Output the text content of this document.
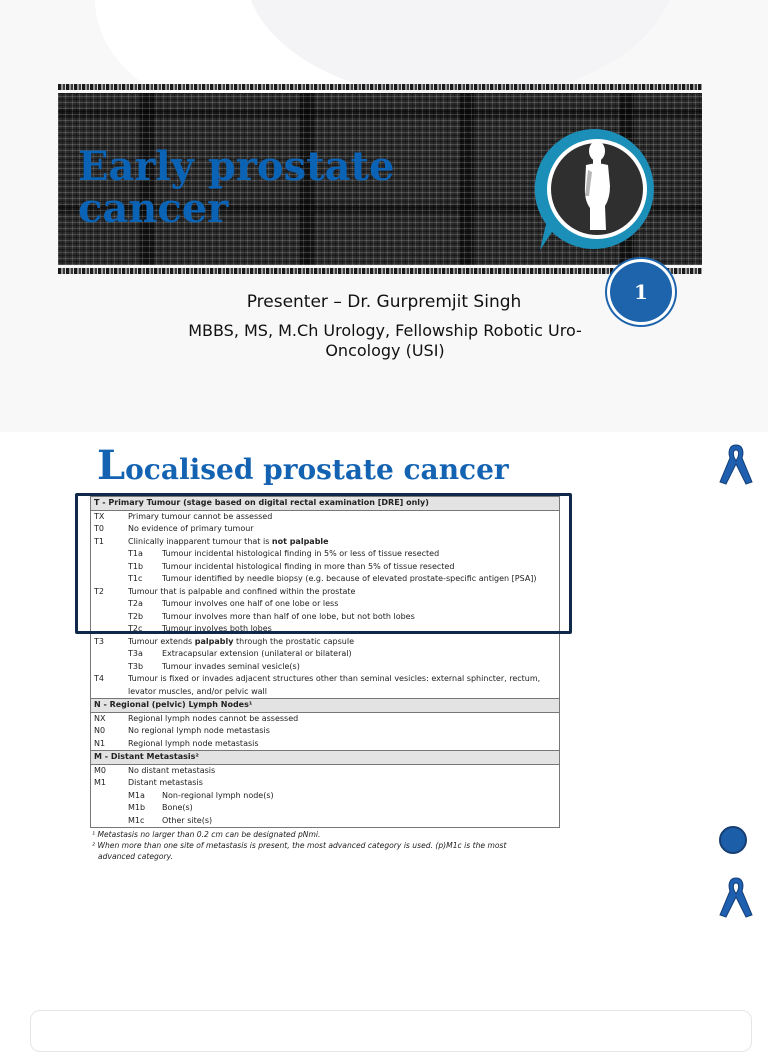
Early prostate cancer
1

Presenter – Dr. Gurpremjit Singh

MBBS, MS, M.Ch Urology, Fellowship Robotic Uro-Oncology (USI)

Localised prostate cancer
T - Primary Tumour (stage based on digital rectal examination [DRE] only)		
TX	Primary tumour cannot be assessed	
T0	No evidence of primary tumour	
T1	Clinically inapparent tumour that is not palpable	
	T1a	Tumour incidental histological finding in 5% or less of tissue resected
	T1b	Tumour incidental histological finding in more than 5% of tissue resected
	T1c	Tumour identified by needle biopsy (e.g. because of elevated prostate-specific antigen [PSA])
T2	Tumour that is palpable and confined within the prostate	
	T2a	Tumour involves one half of one lobe or less
	T2b	Tumour involves more than half of one lobe, but not both lobes
	T2c	Tumour involves both lobes
T3	Tumour extends palpably through the prostatic capsule	
	T3a	Extracapsular extension (unilateral or bilateral)
	T3b	Tumour invades seminal vesicle(s)
T4	Tumour is fixed or invades adjacent structures other than seminal vesicles: external sphincter, rectum,	
	levator muscles, and/or pelvic wall	
N - Regional (pelvic) Lymph Nodes¹		
NX	Regional lymph nodes cannot be assessed	
N0	No regional lymph node metastasis	
N1	Regional lymph node metastasis	
M - Distant Metastasis²		
M0	No distant metastasis	
M1	Distant metastasis	
	M1a	Non-regional lymph node(s)
	M1b	Bone(s)
	M1c	Other site(s)

¹ Metastasis no larger than 0.2 cm can be designated pNmi.

² When more than one site of metastasis is present, the most advanced category is used. (p)M1c is the most

advanced category.
